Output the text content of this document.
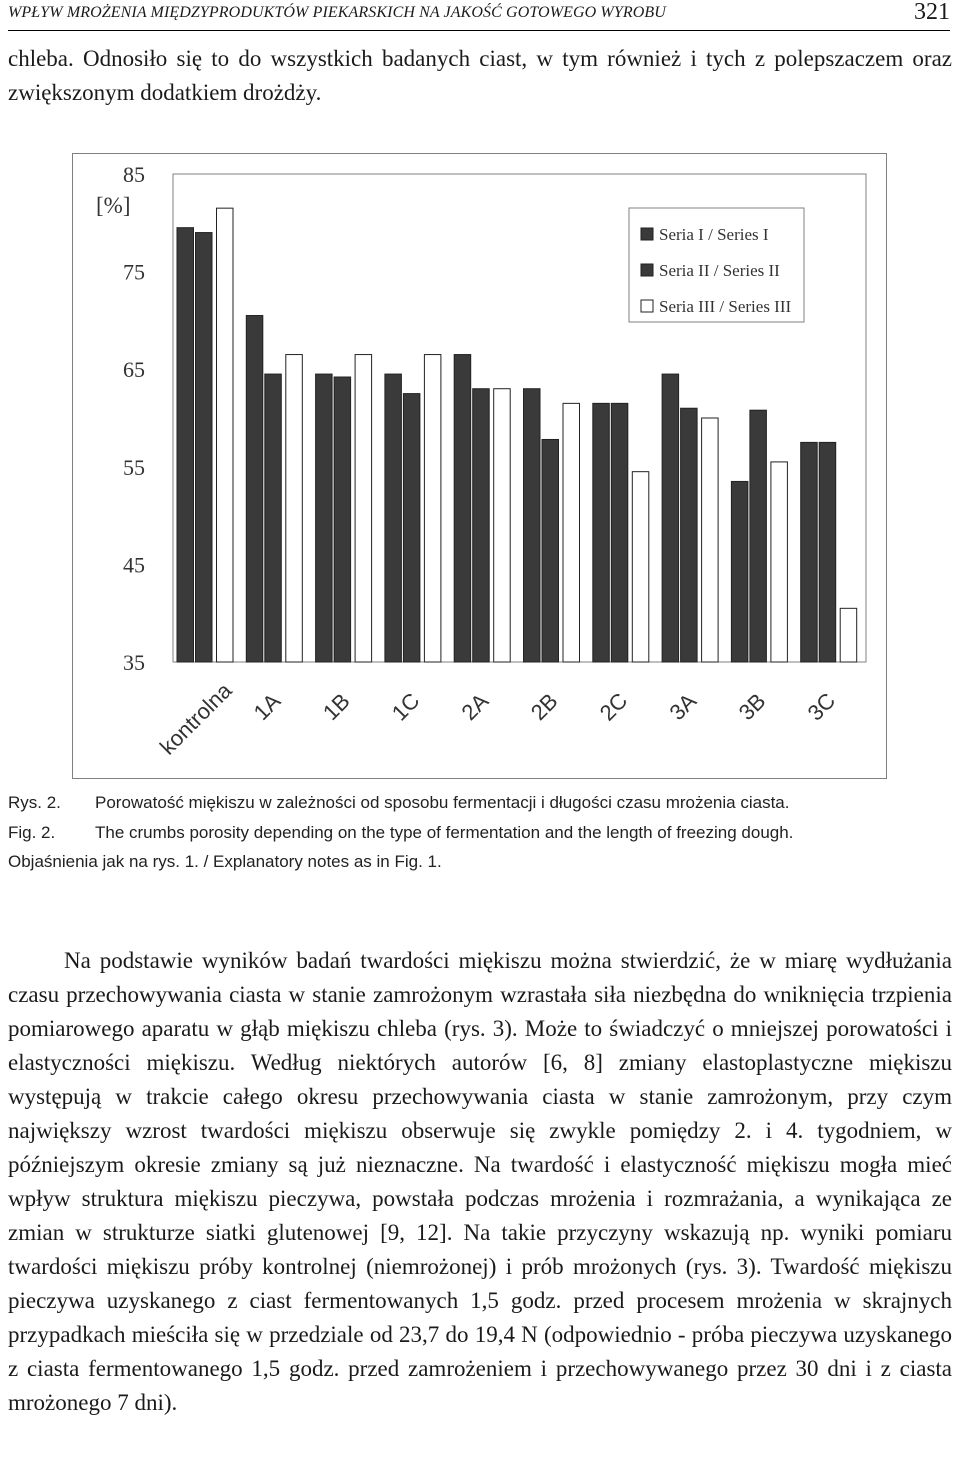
WPŁYW MROŻENIA MIĘDZYPRODUKTÓW PIEKARSKICH NA JAKOŚĆ GOTOWEGO WYROBU	321
chleba. Odnosiło się to do wszystkich badanych ciast, w tym również i tych z polepszaczem oraz zwiększonym dodatkiem drożdży.
85
75
65
55
45
35
[%]
kontrolna 1A 1B 1C 2A 2B 2C 3A 3B 3C
Seria I / Series I
Seria II / Series II
Seria III / Series III
Rys. 2. Porowatość miękiszu w zależności od sposobu fermentacji i długości czasu mrożenia ciasta.
Fig. 2. The crumbs porosity depending on the type of fermentation and the length of freezing dough.
Objaśnienia jak na rys. 1. / Explanatory notes as in Fig. 1.
Na podstawie wyników badań twardości miękiszu można stwierdzić, że w miarę wydłużania czasu przechowywania ciasta w stanie zamrożonym wzrastała siła niezbędna do wniknięcia trzpienia pomiarowego aparatu w głąb miękiszu chleba (rys. 3). Może to świadczyć o mniejszej porowatości i elastyczności miękiszu. Według niektórych autorów [6, 8] zmiany elastoplastyczne miękiszu występują w trakcie całego okresu przechowywania ciasta w stanie zamrożonym, przy czym największy wzrost twardości miękiszu obserwuje się zwykle pomiędzy 2. i 4. tygodniem, w późniejszym okresie zmiany są już nieznaczne. Na twardość i elastyczność miękiszu mogła mieć wpływ struktura miękiszu pieczywa, powstała podczas mrożenia i rozmrażania, a wynikająca ze zmian w strukturze siatki glutenowej [9, 12]. Na takie przyczyny wskazują np. wyniki pomiaru twardości miękiszu próby kontrolnej (niemrożonej) i prób mrożonych (rys. 3). Twardość miękiszu pieczywa uzyskanego z ciast fermentowanych 1,5 godz. przed procesem mrożenia w skrajnych przypadkach mieściła się w przedziale od 23,7 do 19,4 N (odpowiednio - próba pieczywa uzyskanego z ciasta fermentowanego 1,5 godz. przed zamrożeniem i przechowywanego przez 30 dni i z ciasta mrożonego 7 dni).
